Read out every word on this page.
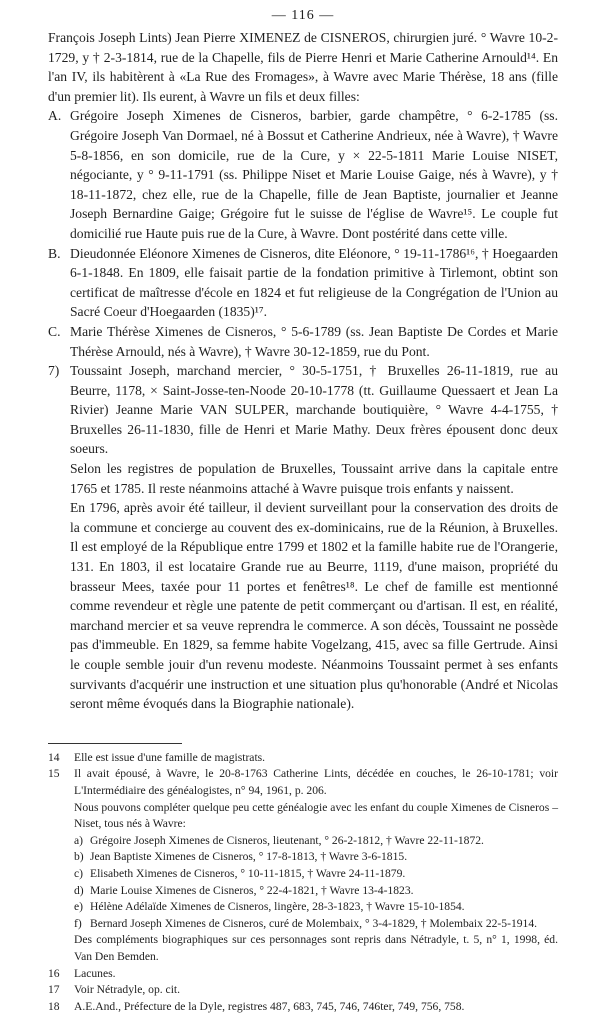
— 116 —

François Joseph Lints) Jean Pierre XIMENEZ de CISNEROS, chirurgien juré. ° Wavre 10-2-1729, y † 2-3-1814, rue de la Chapelle, fils de Pierre Henri et Marie Catherine Arnould¹⁴. En l'an IV, ils habitèrent à «La Rue des Fromages», à Wavre avec Marie Thérèse, 18 ans (fille d'un premier lit). Ils eurent, à Wavre un fils et deux filles:

A. Grégoire Joseph Ximenes de Cisneros, barbier, garde champêtre, ° 6-2-1785 (ss. Grégoire Joseph Van Dormael, né à Bossut et Catherine Andrieux, née à Wavre), † Wavre 5-8-1856, en son domicile, rue de la Cure, y × 22-5-1811 Marie Louise NISET, négociante, y ° 9-11-1791 (ss. Philippe Niset et Marie Louise Gaige, nés à Wavre), y † 18-11-1872, chez elle, rue de la Chapelle, fille de Jean Baptiste, journalier et Jeanne Joseph Bernardine Gaige; Grégoire fut le suisse de l'église de Wavre¹⁵. Le couple fut domicilié rue Haute puis rue de la Cure, à Wavre. Dont postérité dans cette ville.
B. Dieudonnée Eléonore Ximenes de Cisneros, dite Eléonore, ° 19-11-1786¹⁶, † Hoegaarden 6-1-1848. En 1809, elle faisait partie de la fondation primitive à Tirlemont, obtint son certificat de maîtresse d'école en 1824 et fut religieuse de la Congrégation de l'Union au Sacré Coeur d'Hoegaarden (1835)¹⁷.
C. Marie Thérèse Ximenes de Cisneros, ° 5-6-1789 (ss. Jean Baptiste De Cordes et Marie Thérèse Arnould, nés à Wavre), † Wavre 30-12-1859, rue du Pont.
7) Toussaint Joseph, marchand mercier, ° 30-5-1751, † Bruxelles 26-11-1819, rue au Beurre, 1178, × Saint-Josse-ten-Noode 20-10-1778 (tt. Guillaume Quessaert et Jean La Rivier) Jeanne Marie VAN SULPER, marchande boutiquière, ° Wavre 4-4-1755, † Bruxelles 26-11-1830, fille de Henri et Marie Mathy. Deux frères épousent donc deux soeurs.

Selon les registres de population de Bruxelles, Toussaint arrive dans la capitale entre 1765 et 1785. Il reste néanmoins attaché à Wavre puisque trois enfants y naissent.

En 1796, après avoir été tailleur, il devient surveillant pour la conservation des droits de la commune et concierge au couvent des ex-dominicains, rue de la Réunion, à Bruxelles. Il est employé de la République entre 1799 et 1802 et la famille habite rue de l'Orangerie, 131. En 1803, il est locataire Grande rue au Beurre, 1119, d'une maison, propriété du brasseur Mees, taxée pour 11 portes et fenêtres¹⁸. Le chef de famille est mentionné comme revendeur et règle une patente de petit commerçant ou d'artisan. Il est, en réalité, marchand mercier et sa veuve reprendra le commerce. A son décès, Toussaint ne possède pas d'immeuble. En 1829, sa femme habite Vogelzang, 415, avec sa fille Gertrude. Ainsi le couple semble jouir d'un revenu modeste. Néanmoins Toussaint permet à ses enfants survivants d'acquérir une instruction et une situation plus qu'honorable (André et Nicolas seront même évoqués dans la Biographie nationale).

14	Elle est issue d'une famille de magistrats.
15	Il avait épousé, à Wavre, le 20-8-1763 Catherine Lints, décédée en couches, le 26-10-1781; voir L'Intermédiaire des généalogistes, n° 94, 1961, p. 206.
Nous pouvons compléter quelque peu cette généalogie avec les enfant du couple Ximenes de Cisneros – Niset, tous nés à Wavre:
a) Grégoire Joseph Ximenes de Cisneros, lieutenant, ° 26-2-1812, † Wavre 22-11-1872.
b) Jean Baptiste Ximenes de Cisneros, ° 17-8-1813, † Wavre 3-6-1815.
c) Elisabeth Ximenes de Cisneros, ° 10-11-1815, † Wavre 24-11-1879.
d) Marie Louise Ximenes de Cisneros, ° 22-4-1821, † Wavre 13-4-1823.
e) Hélène Adélaïde Ximenes de Cisneros, lingère, 28-3-1823, † Wavre 15-10-1854.
f) Bernard Joseph Ximenes de Cisneros, curé de Molembaix, ° 3-4-1829, † Molembaix 22-5-1914.
Des compléments biographiques sur ces personnages sont repris dans Nétradyle, t. 5, n° 1, 1998, éd. Van Den Bemden.
16	Lacunes.
17	Voir Nétradyle, op. cit.
18	A.E.And., Préfecture de la Dyle, registres 487, 683, 745, 746, 746ter, 749, 756, 758.
